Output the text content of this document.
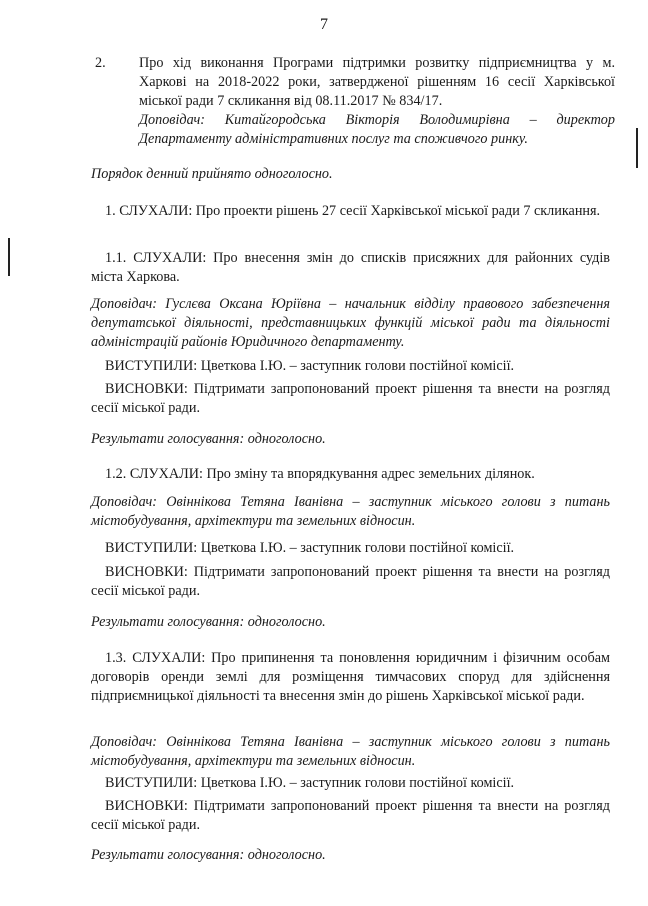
7
2. Про хід виконання Програми підтримки розвитку підприємництва у м. Харкові на 2018-2022 роки, затвердженої рішенням 16 сесії Харківської міської ради 7 скликання від 08.11.2017 № 834/17.
Доповідач: Китайгородська Вікторія Володимирівна – директор Департаменту адміністративних послуг та споживчого ринку.
Порядок денний прийнято одноголосно.
1. СЛУХАЛИ: Про проекти рішень 27 сесії Харківської міської ради 7 скликання.
1.1. СЛУХАЛИ: Про внесення змін до списків присяжних для районних судів міста Харкова.
Доповідач: Гуслєва Оксана Юріївна – начальник відділу правового забезпечення депутатської діяльності, представницьких функцій міської ради та діяльності адміністрацій районів Юридичного департаменту.
ВИСТУПИЛИ: Цветкова І.Ю. – заступник голови постійної комісії.
ВИСНОВКИ: Підтримати запропонований проект рішення та внести на розгляд сесії міської ради.
Результати голосування: одноголосно.
1.2. СЛУХАЛИ: Про зміну та впорядкування адрес земельних ділянок.
Доповідач: Овіннікова Тетяна Іванівна – заступник міського голови з питань містобудування, архітектури та земельних відносин.
ВИСТУПИЛИ: Цветкова І.Ю. – заступник голови постійної комісії.
ВИСНОВКИ: Підтримати запропонований проект рішення та внести на розгляд сесії міської ради.
Результати голосування: одноголосно.
1.3. СЛУХАЛИ: Про припинення та поновлення юридичним і фізичним особам договорів оренди землі для розміщення тимчасових споруд для здійснення підприємницької діяльності та внесення змін до рішень Харківської міської ради.
Доповідач: Овіннікова Тетяна Іванівна – заступник міського голови з питань містобудування, архітектури та земельних відносин.
ВИСТУПИЛИ: Цветкова І.Ю. – заступник голови постійної комісії.
ВИСНОВКИ: Підтримати запропонований проект рішення та внести на розгляд сесії міської ради.
Результати голосування: одноголосно.
